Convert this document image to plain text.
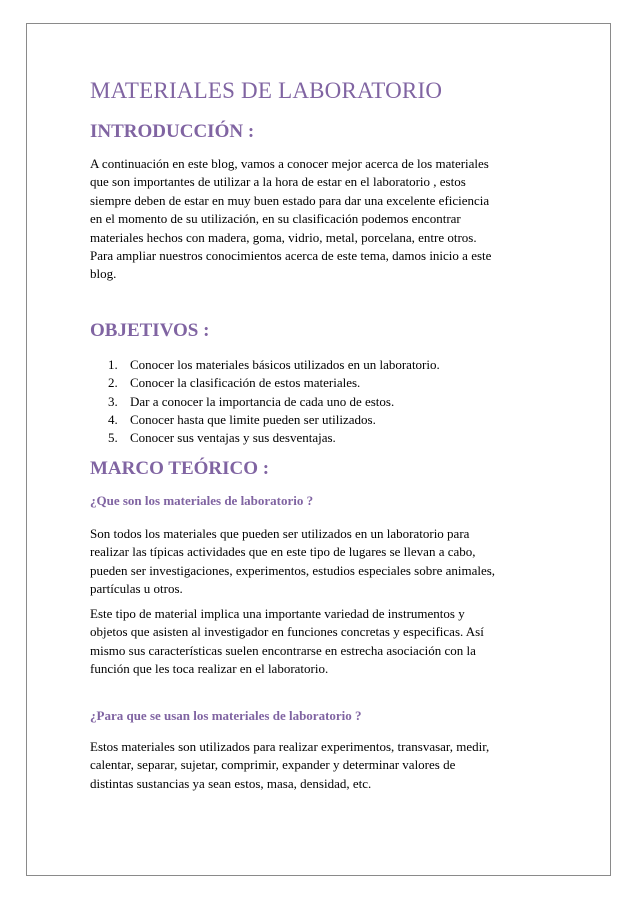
MATERIALES DE LABORATORIO
INTRODUCCIÓN :

A continuación en este blog, vamos a conocer mejor acerca de los materiales
que son importantes de utilizar a la hora de estar en el laboratorio , estos
siempre deben de estar en muy buen estado para dar una excelente eficiencia
en el momento de su utilización, en su clasificación podemos encontrar
materiales hechos con madera, goma, vidrio, metal, porcelana, entre otros.
Para ampliar nuestros conocimientos acerca de este tema, damos inicio a este
blog.

OBJETIVOS :
1. Conocer los materiales básicos utilizados en un laboratorio.
2. Conocer la clasificación de estos materiales.
3. Dar a conocer la importancia de cada uno de estos.
4. Conocer hasta que limite pueden ser utilizados.
5. Conocer sus ventajas y sus desventajas.
MARCO TEÓRICO :
¿Que son los materiales de laboratorio ?

Son todos los materiales que pueden ser utilizados en un laboratorio para
realizar las típicas actividades que en este tipo de lugares se llevan a cabo,
pueden ser investigaciones, experimentos, estudios especiales sobre animales,
partículas u otros.

Este tipo de material implica una importante variedad de instrumentos y
objetos que asisten al investigador en funciones concretas y especificas. Así
mismo sus características suelen encontrarse en estrecha asociación con la
función que les toca realizar en el laboratorio.

¿Para que se usan los materiales de laboratorio ?

Estos materiales son utilizados para realizar experimentos, transvasar, medir,
calentar, separar, sujetar, comprimir, expander y determinar valores de
distintas sustancias ya sean estos, masa, densidad, etc.
